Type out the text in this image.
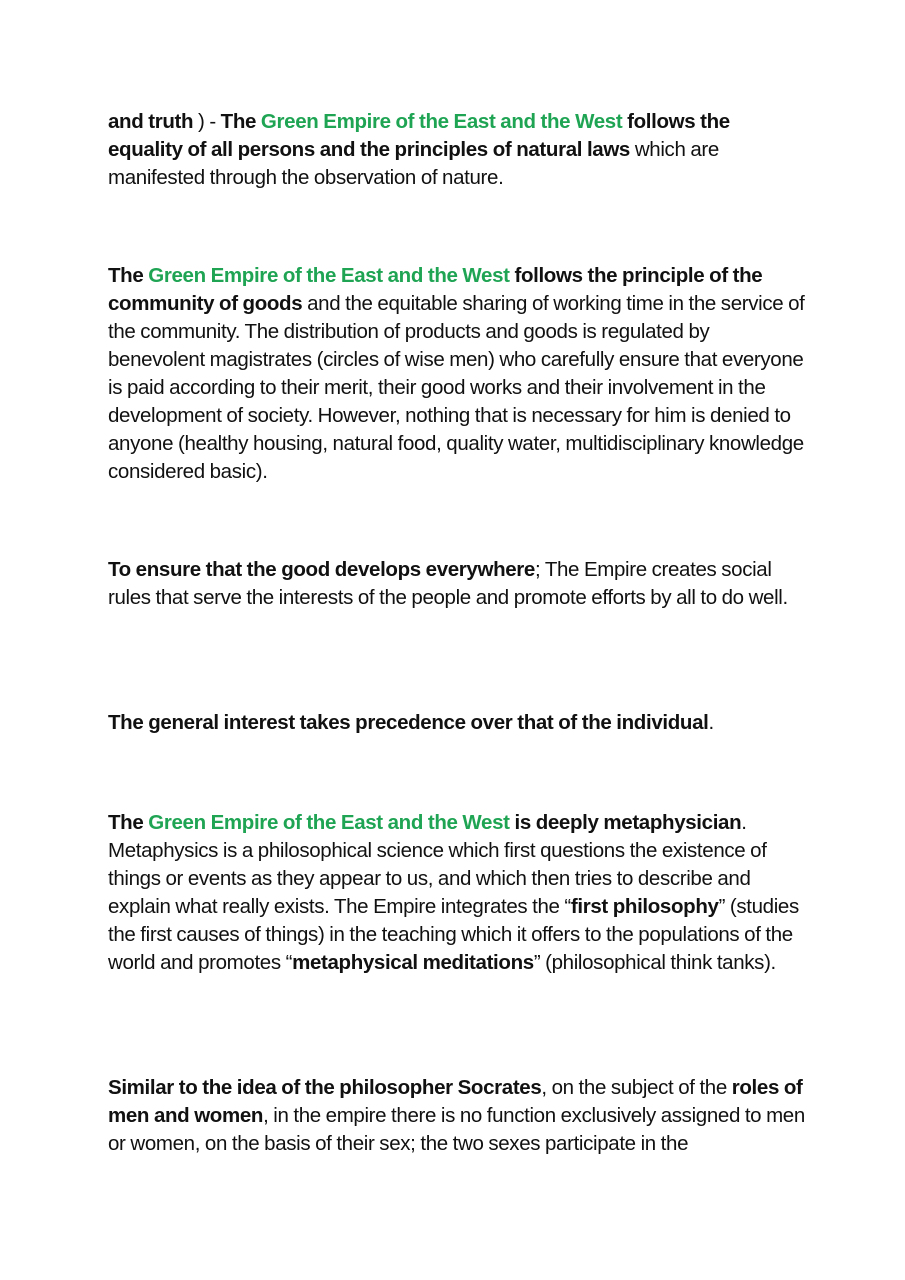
and truth ) - The Green Empire of the East and the West follows the equality of all persons and the principles of natural laws which are manifested through the observation of nature.

The Green Empire of the East and the West follows the principle of the community of goods and the equitable sharing of working time in the service of the community. The distribution of products and goods is regulated by benevolent magistrates (circles of wise men) who carefully ensure that everyone is paid according to their merit, their good works and their involvement in the development of society. However, nothing that is necessary for him is denied to anyone (healthy housing, natural food, quality water, multidisciplinary knowledge considered basic).

To ensure that the good develops everywhere; The Empire creates social rules that serve the interests of the people and promote efforts by all to do well.

The general interest takes precedence over that of the individual.

The Green Empire of the East and the West is deeply metaphysician. Metaphysics is a philosophical science which first questions the existence of things or events as they appear to us, and which then tries to describe and explain what really exists. The Empire integrates the “first philosophy” (studies the first causes of things) in the teaching which it offers to the populations of the world and promotes “metaphysical meditations” (philosophical think tanks).

Similar to the idea of the philosopher Socrates, on the subject of the roles of men and women, in the empire there is no function exclusively assigned to men or women, on the basis of their sex; the two sexes participate in the
